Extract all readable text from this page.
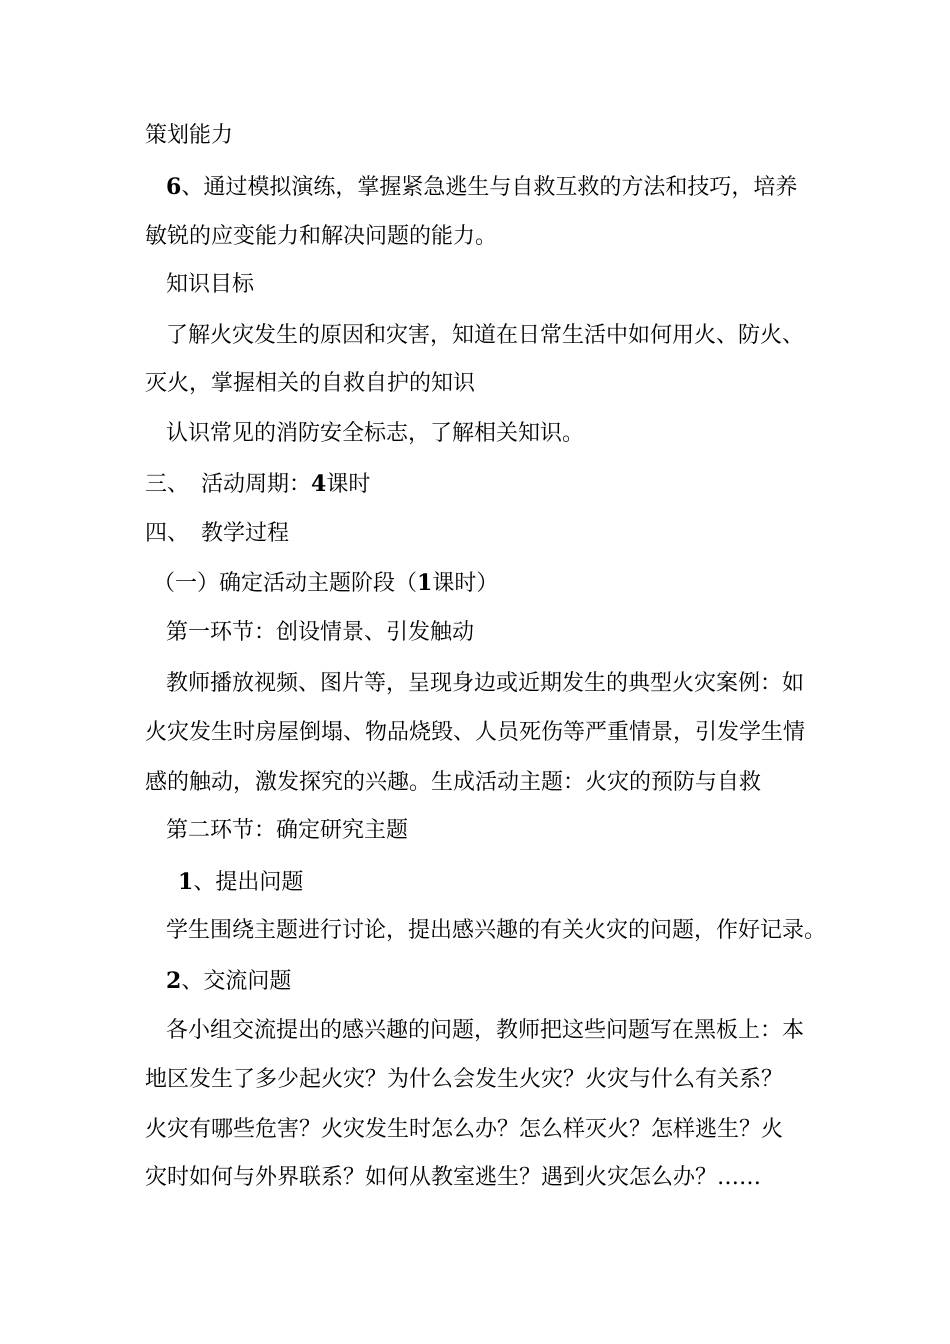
策划能力
6、通过模拟演练，掌握紧急逃生与自救互救的方法和技巧，培养
敏锐的应变能力和解决问题的能力。
知识目标
了解火灾发生的原因和灾害，知道在日常生活中如何用火、防火、
灭火，掌握相关的自救自护的知识
认识常见的消防安全标志，了解相关知识。
三、 活动周期：4课时
四、 教学过程
（一）确定活动主题阶段（1课时）
第一环节：创设情景、引发触动
教师播放视频、图片等，呈现身边或近期发生的典型火灾案例：如
火灾发生时房屋倒塌、物品烧毁、人员死伤等严重情景，引发学生情
感的触动，激发探究的兴趣。生成活动主题：火灾的预防与自救
第二环节：确定研究主题
1、提出问题
学生围绕主题进行讨论，提出感兴趣的有关火灾的问题，作好记录。
2、交流问题
各小组交流提出的感兴趣的问题，教师把这些问题写在黑板上：本
地区发生了多少起火灾？为什么会发生火灾？火灾与什么有关系？
火灾有哪些危害？火灾发生时怎么办？怎么样灭火？怎样逃生？火
灾时如何与外界联系？如何从教室逃生？遇到火灾怎么办？……
